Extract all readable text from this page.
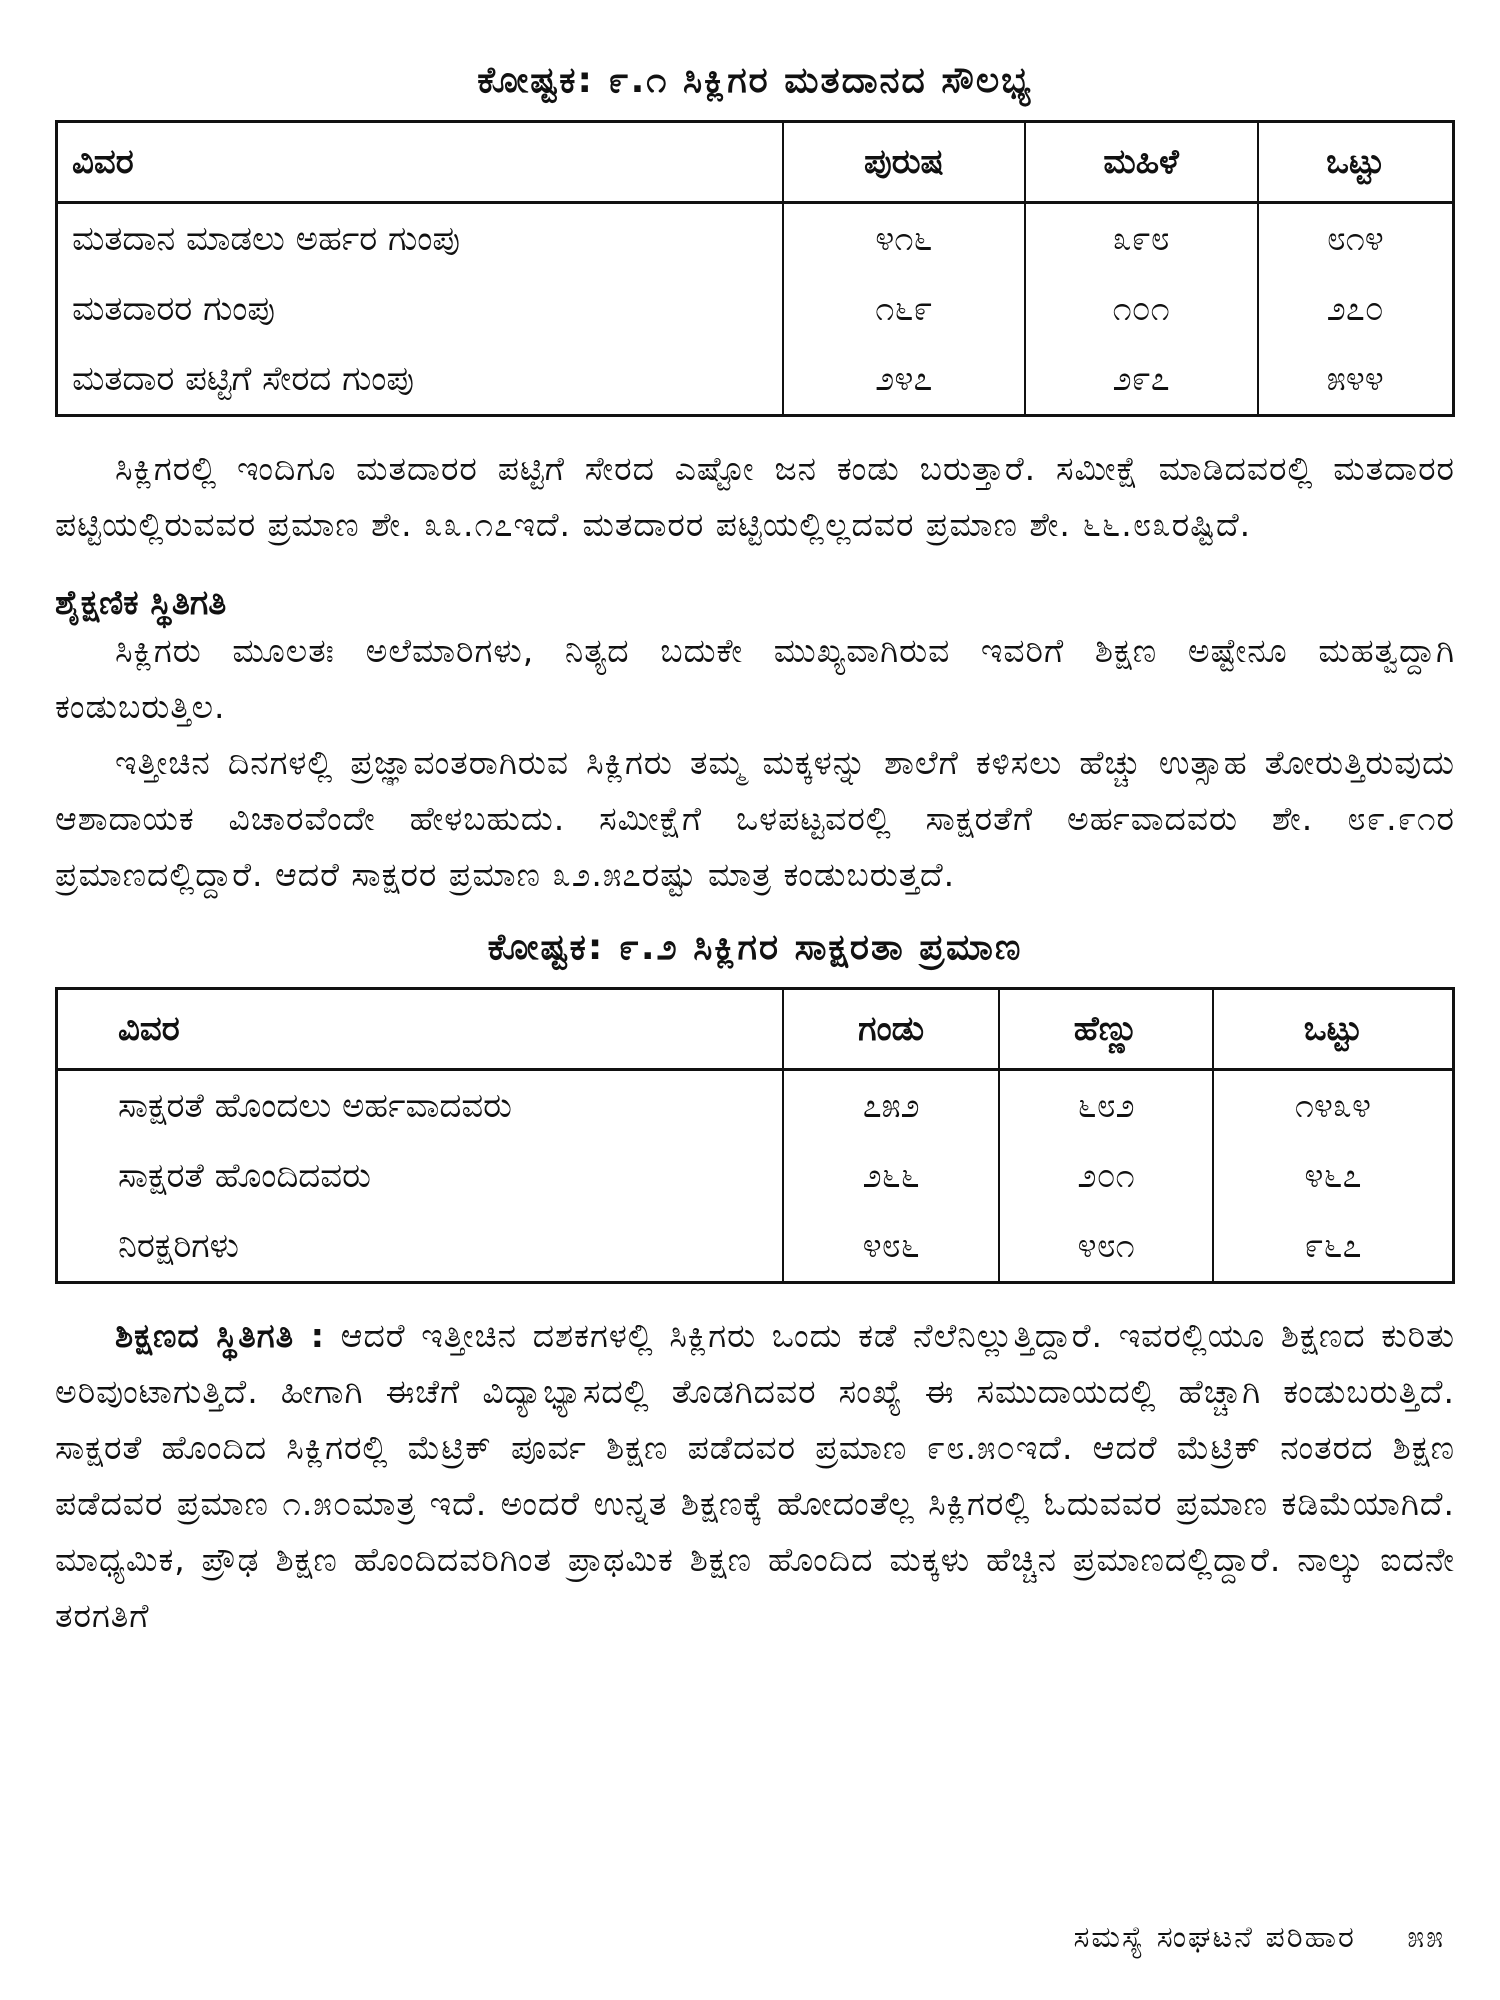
ಕೋಷ್ಟಕ: ೯.೧ ಸಿಕ್ಲಿಗರ ಮತದಾನದ ಸೌಲಭ್ಯ
ವಿವರ	ಪುರುಷ	ಮಹಿಳೆ	ಒಟ್ಟು
ಮತದಾನ ಮಾಡಲು ಅರ್ಹರ ಗುಂಪು	೪೧೬	೩೯೮	೮೧೪
ಮತದಾರರ ಗುಂಪು	೧೬೯	೧೦೧	೨೭೦
ಮತದಾರ ಪಟ್ಟಿಗೆ ಸೇರದ ಗುಂಪು	೨೪೭	೨೯೭	೫೪೪

ಸಿಕ್ಲಿಗರಲ್ಲಿ ಇಂದಿಗೂ ಮತದಾರರ ಪಟ್ಟಿಗೆ ಸೇರದ ಎಷ್ಟೋ ಜನ ಕಂಡು ಬರುತ್ತಾರೆ. ಸಮೀಕ್ಷೆ ಮಾಡಿದವರಲ್ಲಿ ಮತದಾರರ ಪಟ್ಟಿಯಲ್ಲಿರುವವರ ಪ್ರಮಾಣ ಶೇ. ೩೩.೧೭ಇದೆ. ಮತದಾರರ ಪಟ್ಟಿಯಲ್ಲಿಲ್ಲದವರ ಪ್ರಮಾಣ ಶೇ. ೬೬.೮೩ರಷ್ಟಿದೆ.

ಶೈಕ್ಷಣಿಕ ಸ್ಥಿತಿಗತಿ

ಸಿಕ್ಲಿಗರು ಮೂಲತಃ ಅಲೆಮಾರಿಗಳು, ನಿತ್ಯದ ಬದುಕೇ ಮುಖ್ಯವಾಗಿರುವ ಇವರಿಗೆ ಶಿಕ್ಷಣ ಅಷ್ಟೇನೂ ಮಹತ್ವದ್ದಾಗಿ ಕಂಡುಬರುತ್ತಿಲ.

ಇತ್ತೀಚಿನ ದಿನಗಳಲ್ಲಿ ಪ್ರಜ್ಞಾವಂತರಾಗಿರುವ ಸಿಕ್ಲಿಗರು ತಮ್ಮ ಮಕ್ಕಳನ್ನು ಶಾಲೆಗೆ ಕಳಿಸಲು ಹೆಚ್ಚು ಉತ್ಸಾಹ ತೋರುತ್ತಿರುವುದು ಆಶಾದಾಯಕ ವಿಚಾರವೆಂದೇ ಹೇಳಬಹುದು. ಸಮೀಕ್ಷೆಗೆ ಒಳಪಟ್ಟವರಲ್ಲಿ ಸಾಕ್ಷರತೆಗೆ ಅರ್ಹವಾದವರು ಶೇ. ೮೯.೯೧ರ ಪ್ರಮಾಣದಲ್ಲಿದ್ದಾರೆ. ಆದರೆ ಸಾಕ್ಷರರ ಪ್ರಮಾಣ ೩೨.೫೭ರಷ್ಟು ಮಾತ್ರ ಕಂಡುಬರುತ್ತದೆ.

ಕೋಷ್ಟಕ: ೯.೨ ಸಿಕ್ಲಿಗರ ಸಾಕ್ಷರತಾ ಪ್ರಮಾಣ
ವಿವರ	ಗಂಡು	ಹೆಣ್ಣು	ಒಟ್ಟು
ಸಾಕ್ಷರತೆ ಹೊಂದಲು ಅರ್ಹವಾದವರು	೭೫೨	೬೮೨	೧೪೩೪
ಸಾಕ್ಷರತೆ ಹೊಂದಿದವರು	೨೬೬	೨೦೧	೪೬೭
ನಿರಕ್ಷರಿಗಳು	೪೮೬	೪೮೧	೯೬೭

ಶಿಕ್ಷಣದ ಸ್ಥಿತಿಗತಿ : ಆದರೆ ಇತ್ತೀಚಿನ ದಶಕಗಳಲ್ಲಿ ಸಿಕ್ಲಿಗರು ಒಂದು ಕಡೆ ನೆಲೆನಿಲ್ಲುತ್ತಿದ್ದಾರೆ. ಇವರಲ್ಲಿಯೂ ಶಿಕ್ಷಣದ ಕುರಿತು ಅರಿವುಂಟಾಗುತ್ತಿದೆ. ಹೀಗಾಗಿ ಈಚೆಗೆ ವಿದ್ಯಾಭ್ಯಾಸದಲ್ಲಿ ತೊಡಗಿದವರ ಸಂಖ್ಯೆ ಈ ಸಮುದಾಯದಲ್ಲಿ ಹೆಚ್ಚಾಗಿ ಕಂಡುಬರುತ್ತಿದೆ. ಸಾಕ್ಷರತೆ ಹೊಂದಿದ ಸಿಕ್ಲಿಗರಲ್ಲಿ ಮೆಟ್ರಿಕ್ ಪೂರ್ವ ಶಿಕ್ಷಣ ಪಡೆದವರ ಪ್ರಮಾಣ ೯೮.೫೦ಇದೆ. ಆದರೆ ಮೆಟ್ರಿಕ್ ನಂತರದ ಶಿಕ್ಷಣ ಪಡೆದವರ ಪ್ರಮಾಣ ೧.೫೦ಮಾತ್ರ ಇದೆ. ಅಂದರೆ ಉನ್ನತ ಶಿಕ್ಷಣಕ್ಕೆ ಹೋದಂತೆಲ್ಲ ಸಿಕ್ಲಿಗರಲ್ಲಿ ಓದುವವರ ಪ್ರಮಾಣ ಕಡಿಮೆಯಾಗಿದೆ. ಮಾಧ್ಯಮಿಕ, ಪ್ರೌಢ ಶಿಕ್ಷಣ ಹೊಂದಿದವರಿಗಿಂತ ಪ್ರಾಥಮಿಕ ಶಿಕ್ಷಣ ಹೊಂದಿದ ಮಕ್ಕಳು ಹೆಚ್ಚಿನ ಪ್ರಮಾಣದಲ್ಲಿದ್ದಾರೆ. ನಾಲ್ಕು ಐದನೇ ತರಗತಿಗೆ

ಸಮಸ್ಯೆ ಸಂಘಟನೆ ಪರಿಹಾರ ೫೫
